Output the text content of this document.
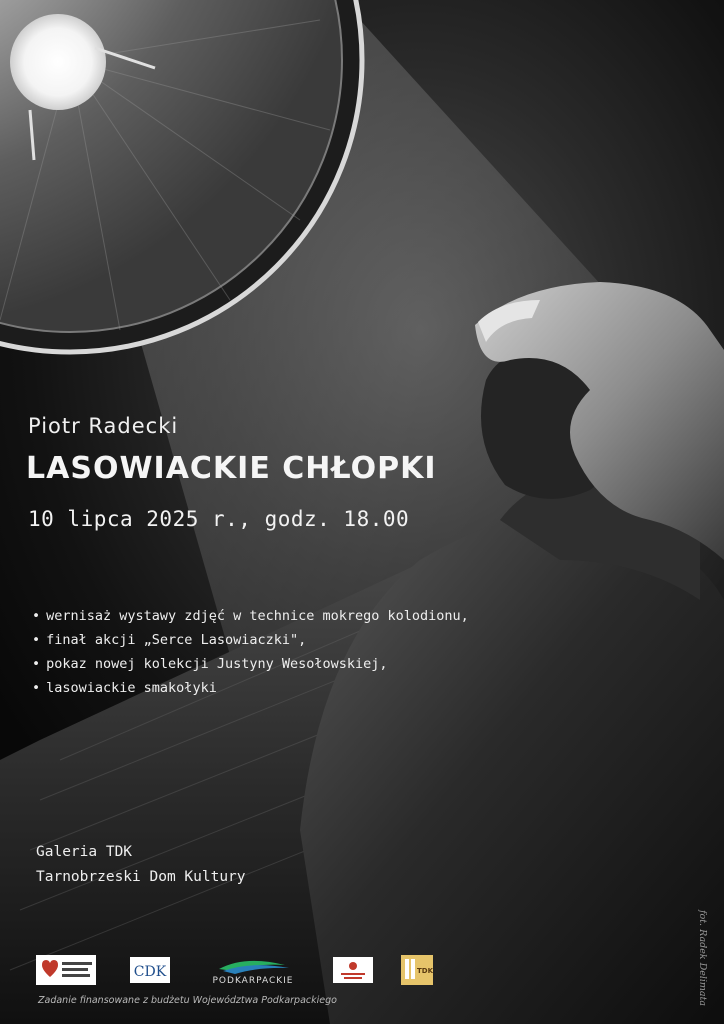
Piotr Radecki
LASOWIACKIE CHŁOPKI
10 lipca 2025 r., godz. 18.00
• wernisaż wystawy zdjęć w technice mokrego kolodionu,
• finał akcji „Serce Lasowiaczki",
• pokaz nowej kolekcji Justyny Wesołowskiej,
• lasowiackie smakołyki
Galeria TDK
Tarnobrzeski Dom Kultury
fot. Radek Delimata
CDK
PODKARPACKIE
TDK
Zadanie finansowane z budżetu Województwa Podkarpackiego
